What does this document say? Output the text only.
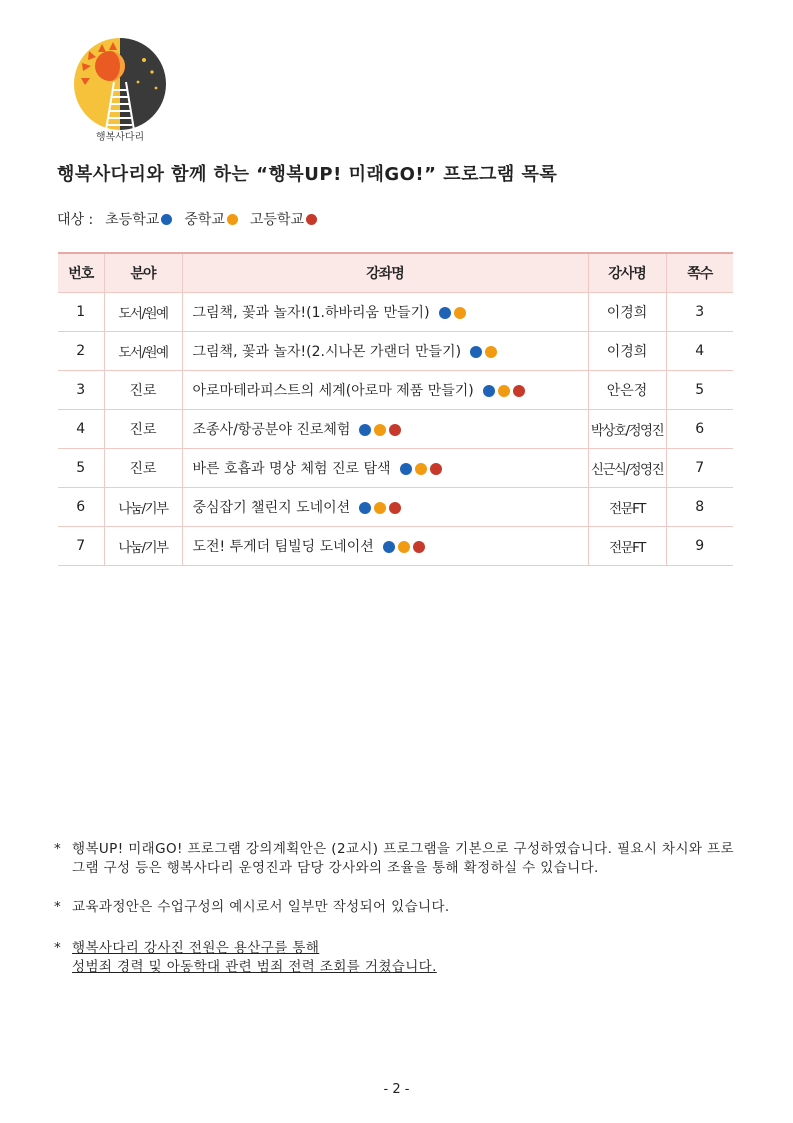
행복사다리
행복사다리와 함께 하는 “행복UP! 미래GO!” 프로그램 목록
대상 : 초등학교 중학교 고등학교
번호	분야	강좌명	강사명	쪽수
1	도서/원예	그림책, 꽃과 놀자!(1.하바리움 만들기)	이경희	3
2	도서/원예	그림책, 꽃과 놀자!(2.시나몬 가랜더 만들기)	이경희	4
3	진로	아로마테라피스트의 세계(아로마 제품 만들기)	안은정	5
4	진로	조종사/항공분야 진로체험	박상호/정영진	6
5	진로	바른 호흡과 명상 체험 진로 탐색	신근식/정영진	7
6	나눔/기부	중심잡기 챌린지 도네이션	전문FT	8
7	나눔/기부	도전! 투게더 팀빌딩 도네이션	전문FT	9
* 행복UP! 미래GO! 프로그램 강의계획안은 (2교시) 프로그램을 기본으로 구성하였습니다. 필요시 차시와 프로그램 구성 등은 행복사다리 운영진과 담당 강사와의 조율을 통해 확정하실 수 있습니다.
* 교육과정안은 수업구성의 예시로서 일부만 작성되어 있습니다.
* 행복사다리 강사진 전원은 용산구를 통해
성범죄 경력 및 아동학대 관련 범죄 전력 조회를 거쳤습니다.
- 2 -
